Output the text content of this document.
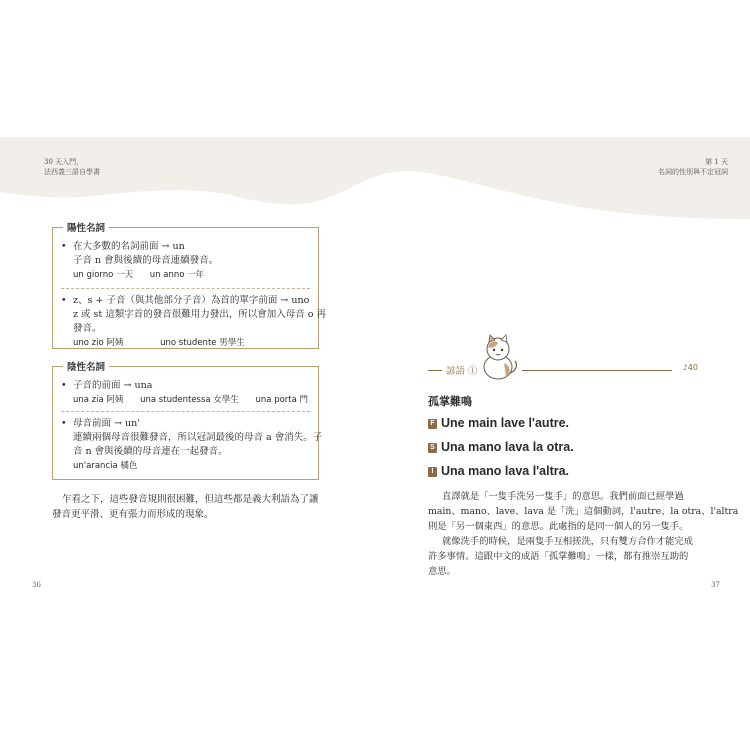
30 天入門，
法西義三語自學書
第 1 天
名詞的性別與不定冠詞
陽性名詞
• 在大多數的名詞前面 → un
子音 n 會與後續的母音連續發音。
un giorno 一天 un anno 一年
• z、s + 子音（與其他部分子音）為首的單字前面 → uno
z 或 st 這類字首的發音很難用力發出，所以會加入母音 o 再
發音。
uno zio 阿姨	uno studente 男學生
陰性名詞
• 子音的前面 → una
una zia 阿姨 una studentessa 女學生 una porta 門
• 母音前面 → un'
連續兩個母音很難發音，所以冠詞最後的母音 a 會消失。子
音 n 會與後續的母音連在一起發音。
un'arancia 橘色
乍看之下，這些發音規則很困難，但這些都是義大利語為了讓
發音更平滑、更有張力而形成的現象。
36
諺語 ①	♪40
孤掌難鳴
F Une main lave l'autre.
S Una mano lava la otra.
I Una mano lava l'altra.
直譯就是「一隻手洗另一隻手」的意思。我們前面已經學過
main、mano、lave、lava 是「洗」這個動詞，l'autre、la otra、l'altra
則是「另一個東西」的意思。此處指的是同一個人的另一隻手。
就像洗手的時候，是兩隻手互相搓洗，只有雙方合作才能完成
許多事情。這跟中文的成語「孤掌難鳴」一樣，都有推崇互助的
意思。
37
